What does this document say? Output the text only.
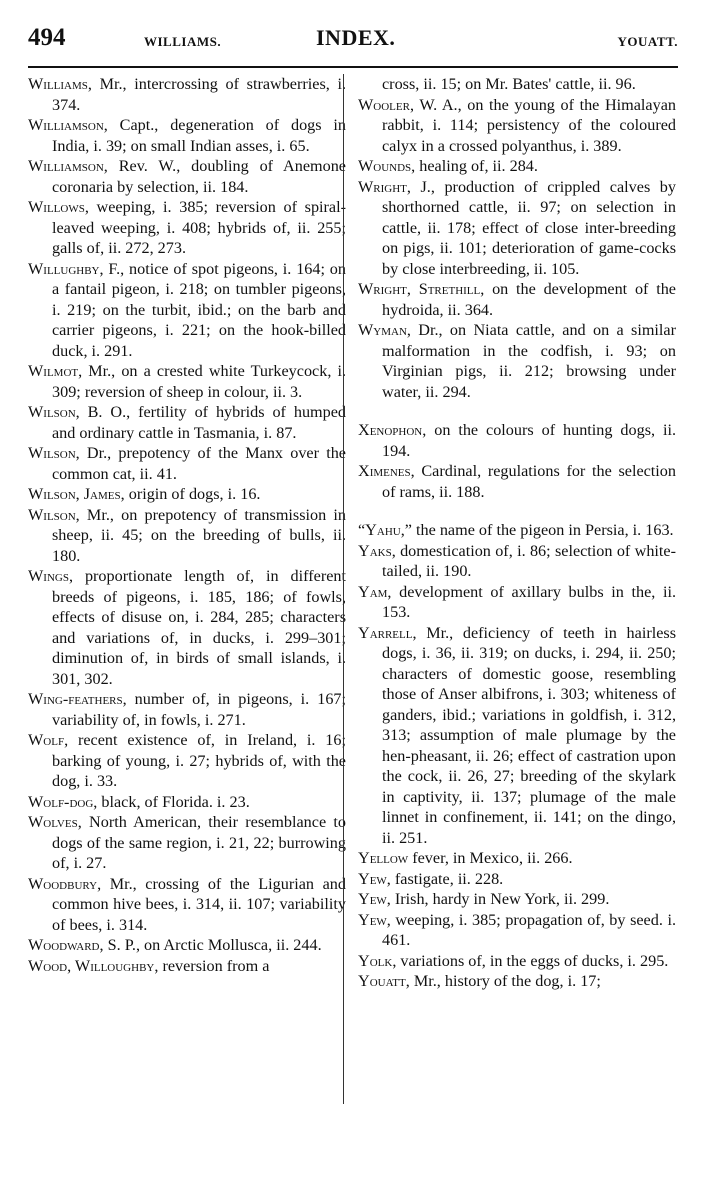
494	WILLIAMS.	INDEX.	YOUATT.

Williams, Mr., intercrossing of strawberries, i. 374.

Williamson, Capt., degeneration of dogs in India, i. 39; on small Indian asses, i. 65.

Williamson, Rev. W., doubling of Anemone coronaria by selection, ii. 184.

Willows, weeping, i. 385; reversion of spiral-leaved weeping, i. 408; hybrids of, ii. 255; galls of, ii. 272, 273.

Willughby, F., notice of spot pigeons, i. 164; on a fantail pigeon, i. 218; on tumbler pigeons, i. 219; on the turbit, ibid.; on the barb and carrier pigeons, i. 221; on the hook-billed duck, i. 291.

Wilmot, Mr., on a crested white Turkeycock, i. 309; reversion of sheep in colour, ii. 3.

Wilson, B. O., fertility of hybrids of humped and ordinary cattle in Tasmania, i. 87.

Wilson, Dr., prepotency of the Manx over the common cat, ii. 41.

Wilson, James, origin of dogs, i. 16.

Wilson, Mr., on prepotency of transmission in sheep, ii. 45; on the breeding of bulls, ii. 180.

Wings, proportionate length of, in different breeds of pigeons, i. 185, 186; of fowls, effects of disuse on, i. 284, 285; characters and variations of, in ducks, i. 299–301; diminution of, in birds of small islands, i. 301, 302.

Wing-feathers, number of, in pigeons, i. 167; variability of, in fowls, i. 271.

Wolf, recent existence of, in Ireland, i. 16; barking of young, i. 27; hybrids of, with the dog, i. 33.

Wolf-dog, black, of Florida. i. 23.

Wolves, North American, their resemblance to dogs of the same region, i. 21, 22; burrowing of, i. 27.

Woodbury, Mr., crossing of the Ligurian and common hive bees, i. 314, ii. 107; variability of bees, i. 314.

Woodward, S. P., on Arctic Mollusca, ii. 244.

Wood, Willoughby, reversion from a

cross, ii. 15; on Mr. Bates' cattle, ii. 96.

Wooler, W. A., on the young of the Himalayan rabbit, i. 114; persistency of the coloured calyx in a crossed polyanthus, i. 389.

Wounds, healing of, ii. 284.

Wright, J., production of crippled calves by shorthorned cattle, ii. 97; on selection in cattle, ii. 178; effect of close inter-breeding on pigs, ii. 101; deterioration of game-cocks by close interbreeding, ii. 105.

Wright, Strethill, on the development of the hydroida, ii. 364.

Wyman, Dr., on Niata cattle, and on a similar malformation in the codfish, i. 93; on Virginian pigs, ii. 212; browsing under water, ii. 294.

Xenophon, on the colours of hunting dogs, ii. 194.

Ximenes, Cardinal, regulations for the selection of rams, ii. 188.

“Yahu,” the name of the pigeon in Persia, i. 163.

Yaks, domestication of, i. 86; selection of white-tailed, ii. 190.

Yam, development of axillary bulbs in the, ii. 153.

Yarrell, Mr., deficiency of teeth in hairless dogs, i. 36, ii. 319; on ducks, i. 294, ii. 250; characters of domestic goose, resembling those of Anser albifrons, i. 303; whiteness of ganders, ibid.; variations in goldfish, i. 312, 313; assumption of male plumage by the hen-pheasant, ii. 26; effect of castration upon the cock, ii. 26, 27; breeding of the skylark in captivity, ii. 137; plumage of the male linnet in confinement, ii. 141; on the dingo, ii. 251.

Yellow fever, in Mexico, ii. 266.

Yew, fastigate, ii. 228.

Yew, Irish, hardy in New York, ii. 299.

Yew, weeping, i. 385; propagation of, by seed. i. 461.

Yolk, variations of, in the eggs of ducks, i. 295.

Youatt, Mr., history of the dog, i. 17;
